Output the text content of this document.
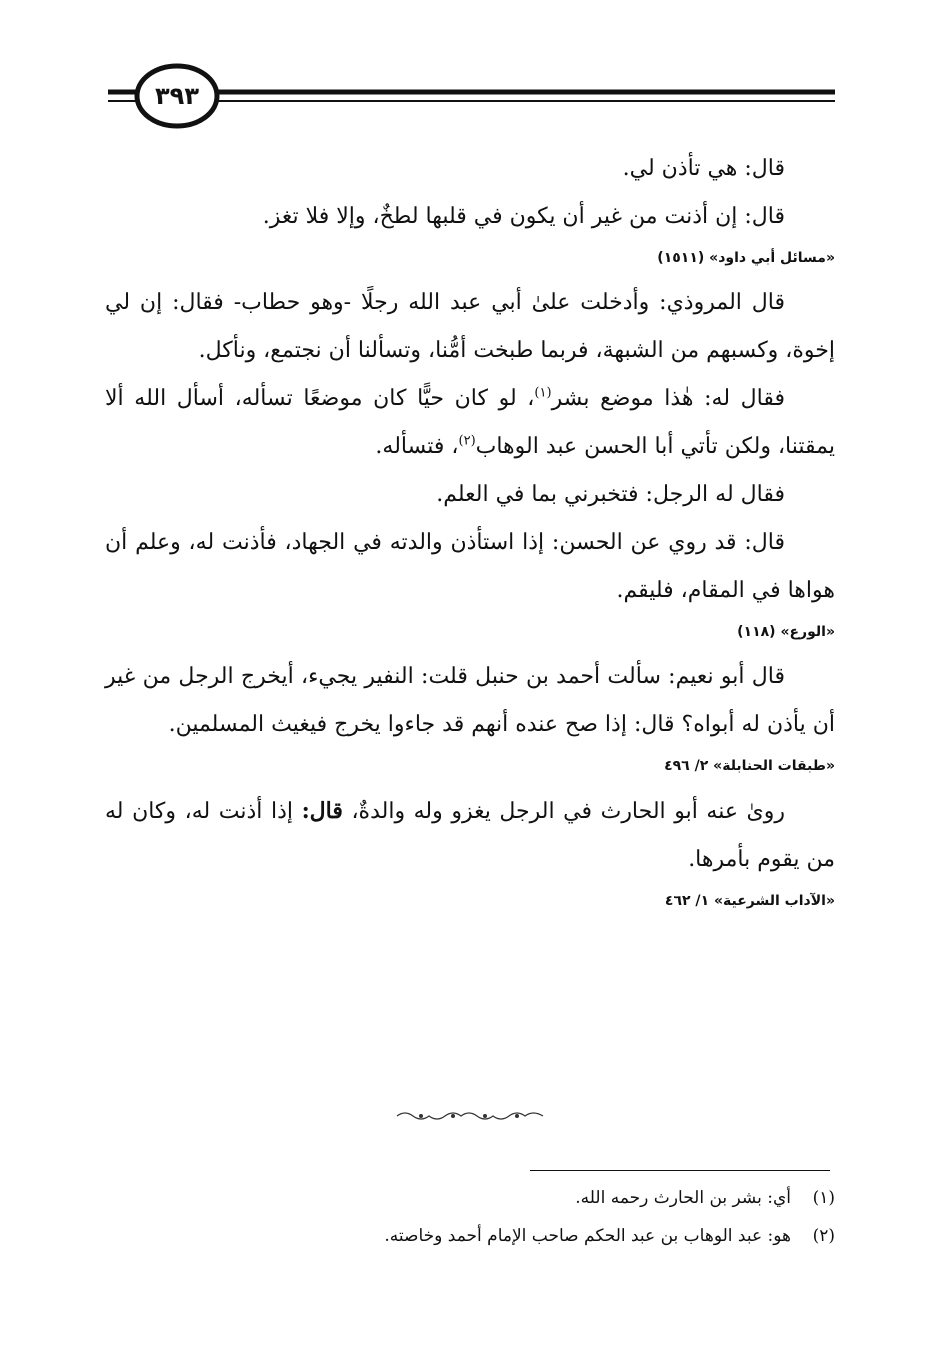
٣٩٣

قال: هي تأذن لي.

قال: إن أذنت من غير أن يكون في قلبها لطخٌ، وإلا فلا تغز.

«مسائل أبي داود» (١٥١١)

قال المروذي: وأدخلت علىٰ أبي عبد الله رجلًا -وهو حطاب- فقال: إن لي إخوة، وكسبهم من الشبهة، فربما طبخت أمُّنا، وتسألنا أن نجتمع، ونأكل.

فقال له: هٰذا موضع بشر$^{(١)}$، لو كان حيًّا كان موضعًا تسأله، أسأل الله ألا يمقتنا، ولكن تأتي أبا الحسن عبد الوهاب$^{(٢)}$، فتسأله.

فقال له الرجل: فتخبرني بما في العلم.

قال: قد روي عن الحسن: إذا استأذن والدته في الجهاد، فأذنت له، وعلم أن هواها في المقام، فليقم.

«الورع» (١١٨)

قال أبو نعيم: سألت أحمد بن حنبل قلت: النفير يجيء، أيخرج الرجل من غير أن يأذن له أبواه؟ قال: إذا صح عنده أنهم قد جاءوا يخرج فيغيث المسلمين.

«طبقات الحنابلة» ٢/ ٤٩٦

رویٰ عنه أبو الحارث في الرجل يغزو وله والدةٌ، قال: إذا أذنت له، وكان له من يقوم بأمرها.

«الآداب الشرعية» ١/ ٤٦٢

(١)أي: بشر بن الحارث رحمه الله.

(٢)هو: عبد الوهاب بن عبد الحكم صاحب الإمام أحمد وخاصته.
